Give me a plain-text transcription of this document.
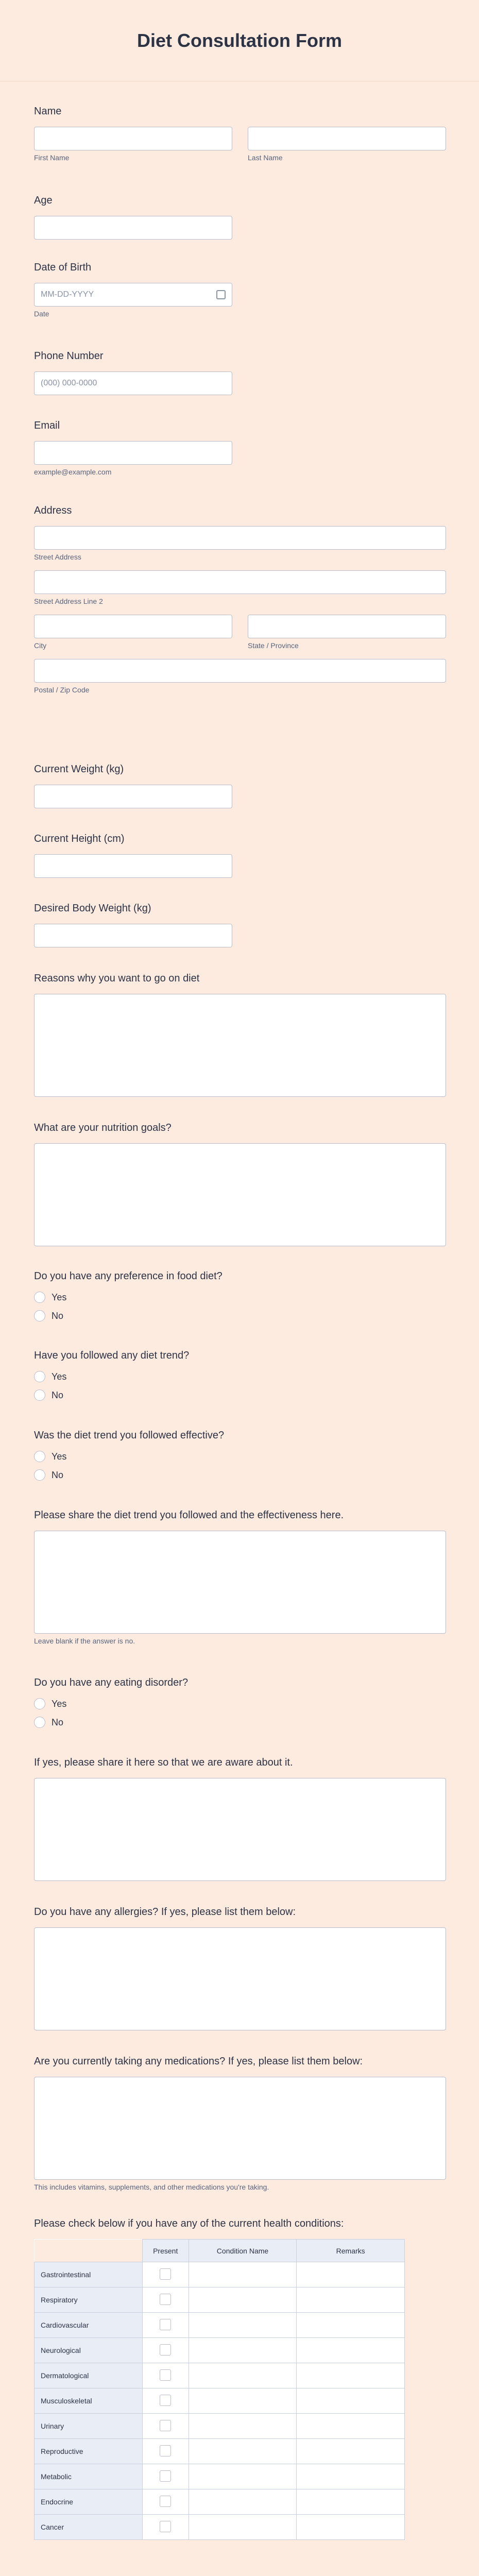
Diet Consultation Form
Name
First Name	Last Name
Age
Date of Birth
MM-DD-YYYY
Date
Phone Number
(000) 000-0000
Email
example@example.com
Address
Street Address
Street Address Line 2
City	State / Province
Postal / Zip Code
Current Weight (kg)
Current Height (cm)
Desired Body Weight (kg)
Reasons why you want to go on diet
What are your nutrition goals?
Do you have any preference in food diet?
Yes
No
Have you followed any diet trend?
Yes
No
Was the diet trend you followed effective?
Yes
No
Please share the diet trend you followed and the effectiveness here.
Leave blank if the answer is no.
Do you have any eating disorder?
Yes
No
If yes, please share it here so that we are aware about it.
Do you have any allergies? If yes, please list them below:
Are you currently taking any medications? If yes, please list them below:
This includes vitamins, supplements, and other medications you're taking.
Please check below if you have any of the current health conditions:
	Present	Condition Name	Remarks
Gastrointestinal			
Respiratory			
Cardiovascular			
Neurological			
Dermatological			
Musculoskeletal			
Urinary			
Reproductive			
Metabolic			
Endocrine			
Cancer			
